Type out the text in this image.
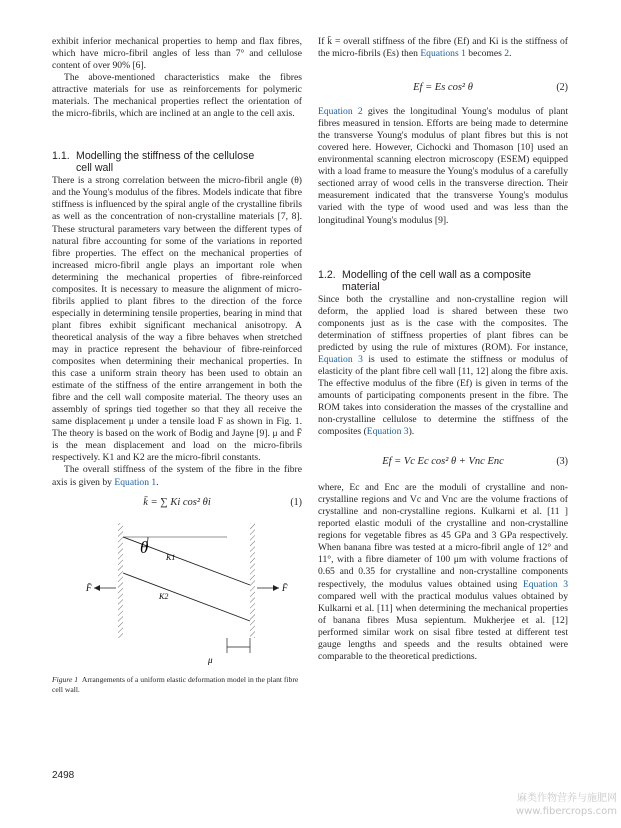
exhibit inferior mechanical properties to hemp and flax fibres, which have micro-fibril angles of less than 7° and cellulose content of over 90% [6].

The above-mentioned characteristics make the fibres attractive materials for use as reinforcements for polymeric materials. The mechanical properties reflect the orientation of the micro-fibrils, which are inclined at an angle to the cell axis.

1.1. Modelling the stiffness of the cellulose
cell wall

There is a strong correlation between the micro-fibril angle (θ) and the Young's modulus of the fibres. Models indicate that fibre stiffness is influenced by the spiral angle of the crystalline fibrils as well as the concentration of non-crystalline materials [7, 8]. These structural parameters vary between the different types of natural fibre accounting for some of the variations in reported fibre properties. The effect on the mechanical properties of increased micro-fibril angle plays an important role when determining the mechanical properties of fibre-reinforced composites. It is necessary to measure the alignment of micro-fibrils applied to plant fibres to the direction of the force especially in determining tensile properties, bearing in mind that plant fibres exhibit significant mechanical anisotropy. A theoretical analysis of the way a fibre behaves when stretched may in practice represent the behaviour of fibre-reinforced composites when determining their mechanical properties. In this case a uniform strain theory has been used to obtain an estimate of the stiffness of the entire arrangement in both the fibre and the cell wall composite material. The theory uses an assembly of springs tied together so that they all receive the same displacement μ under a tensile load F as shown in Fig. 1. The theory is based on the work of Bodig and Jayne [9]. μ and F̄ is the mean displacement and load on the micro-fibrils respectively. K1 and K2 are the micro-fibril constants.

The overall stiffness of the system of the fibre in the fibre axis is given by Equation 1.

k̄ = ∑ Ki cos² θi	(1)
θ
K1
K2
F̄	F̄
μ
Figure 1 Arrangements of a uniform elastic deformation model in the plant fibre cell wall.

If k̄ = overall stiffness of the fibre (Ef) and Ki is the stiffness of the micro-fibrils (Es) then Equations 1 becomes 2.

Ef = Es cos² θ	(2)

Equation 2 gives the longitudinal Young's modulus of plant fibres measured in tension. Efforts are being made to determine the transverse Young's modulus of plant fibres but this is not covered here. However, Cichocki and Thomason [10] used an environmental scanning electron microscopy (ESEM) equipped with a load frame to measure the Young's modulus of a carefully sectioned array of wood cells in the transverse direction. Their measurement indicated that the transverse Young's modulus varied with the type of wood used and was less than the longitudinal Young's modulus [9].

1.2. Modelling of the cell wall as a composite
material

Since both the crystalline and non-crystalline region will deform, the applied load is shared between these two components just as is the case with the composites. The determination of stiffness properties of plant fibres can be predicted by using the rule of mixtures (ROM). For instance, Equation 3 is used to estimate the stiffness or modulus of elasticity of the plant fibre cell wall [11, 12] along the fibre axis. The effective modulus of the fibre (Ef) is given in terms of the amounts of participating components present in the fibre. The ROM takes into consideration the masses of the crystalline and non-crystalline cellulose to determine the stiffness of the composites (Equation 3).

Ef = Vc Ec cos² θ + Vnc Enc	(3)

where, Ec and Enc are the moduli of crystalline and non-crystalline regions and Vc and Vnc are the volume fractions of crystalline and non-crystalline regions. Kulkarni et al. [11 ] reported elastic moduli of the crystalline and non-crystalline regions for vegetable fibres as 45 GPa and 3 GPa respectively. When banana fibre was tested at a micro-fibril angle of 12° and 11°, with a fibre diameter of 100 μm with volume fractions of 0.65 and 0.35 for crystalline and non-crystalline components respectively, the modulus values obtained using Equation 3 compared well with the practical modulus values obtained by Kulkarni et al. [11] when determining the mechanical properties of banana fibres Musa sepientum. Mukherjee et al. [12] performed similar work on sisal fibre tested at different test gauge lengths and speeds and the results obtained were comparable to the theoretical predictions.

2498
麻类作物营养与施肥网
www.fibercrops.com
